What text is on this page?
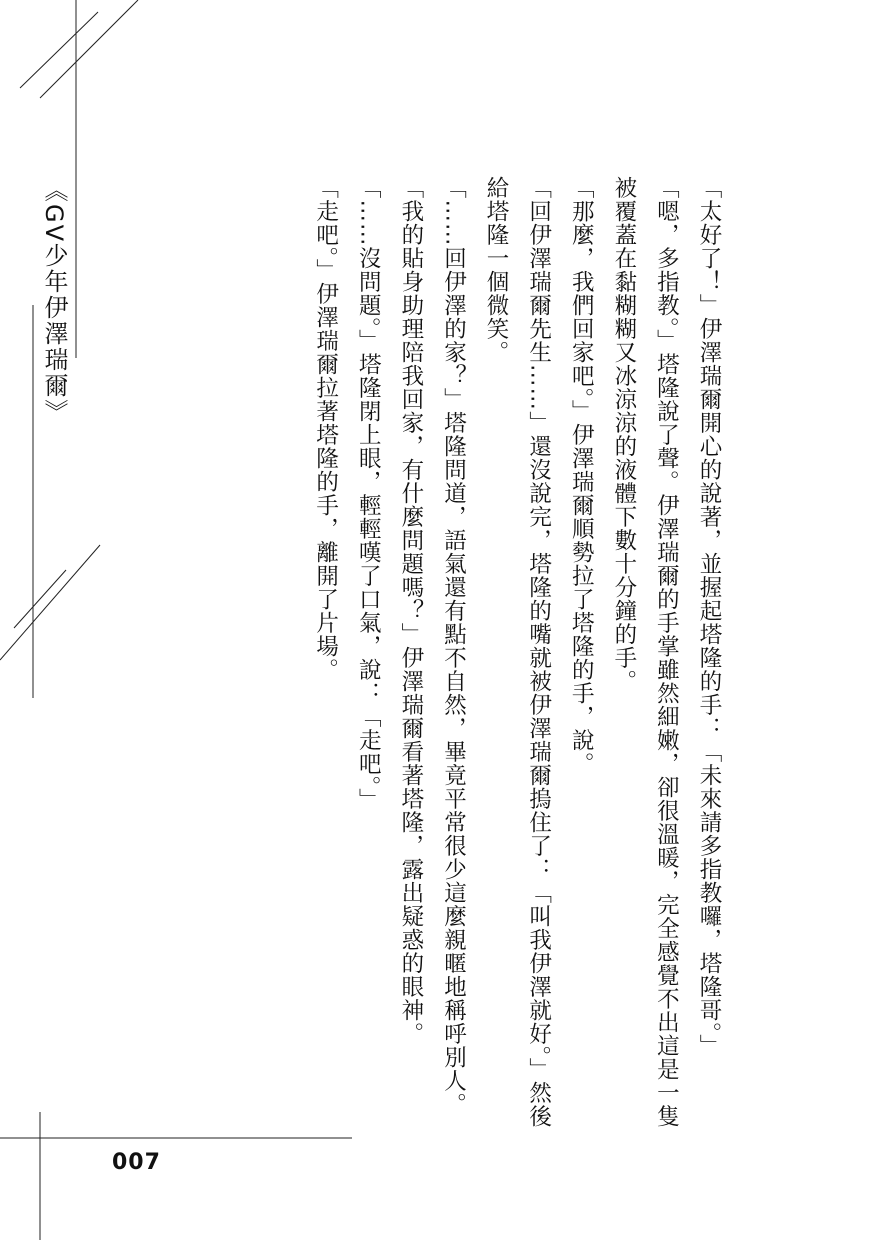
《GV少年伊澤瑞爾》	「太好了！」伊澤瑞爾開心的說著，並握起塔隆的手：「未來請多指教囉，塔隆哥。」

「嗯，多指教。」塔隆說了聲。伊澤瑞爾的手掌雖然細嫩，卻很溫暖，完全感覺不出這是一隻

被覆蓋在黏糊糊又冰涼涼的液體下數十分鐘的手。

「那麼，我們回家吧。」伊澤瑞爾順勢拉了塔隆的手，說。

「回伊澤瑞爾先生……」還沒說完，塔隆的嘴就被伊澤瑞爾摀住了：「叫我伊澤就好。」然後

給塔隆一個微笑。

「……回伊澤的家？」塔隆問道，語氣還有點不自然，畢竟平常很少這麼親暱地稱呼別人。

「我的貼身助理陪我回家，有什麼問題嗎？」伊澤瑞爾看著塔隆，露出疑惑的眼神。

「……沒問題。」塔隆閉上眼，輕輕嘆了口氣，說：「走吧。」

「走吧。」伊澤瑞爾拉著塔隆的手，離開了片場。

007
